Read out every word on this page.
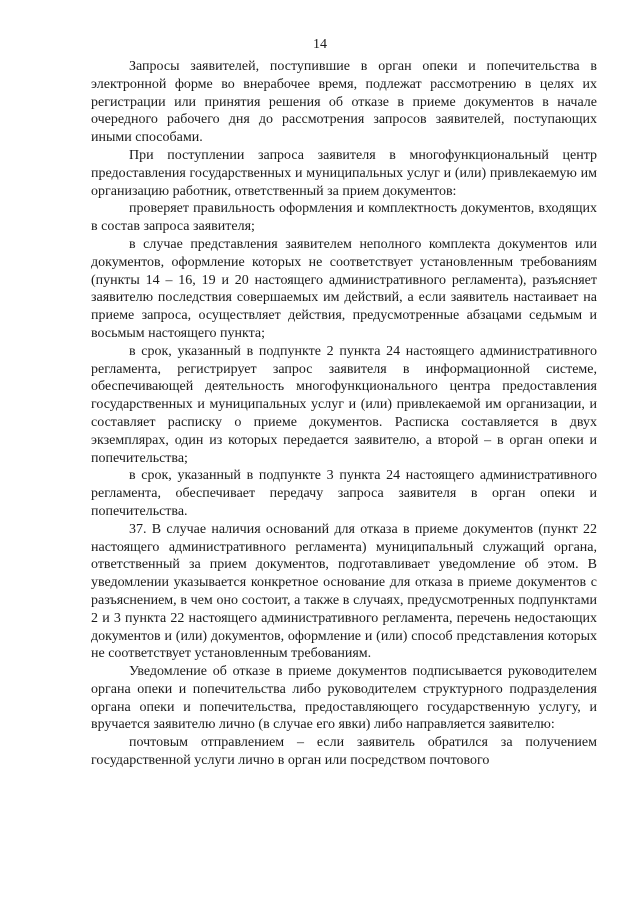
14

Запросы заявителей, поступившие в орган опеки и попечительства в электронной форме во внерабочее время, подлежат рассмотрению в целях их регистрации или принятия решения об отказе в приеме документов в начале очередного рабочего дня до рассмотрения запросов заявителей, поступающих иными способами.

При поступлении запроса заявителя в многофункциональный центр предоставления государственных и муниципальных услуг и (или) привлекаемую им организацию работник, ответственный за прием документов:

проверяет правильность оформления и комплектность документов, входящих в состав запроса заявителя;

в случае представления заявителем неполного комплекта документов или документов, оформление которых не соответствует установленным требованиям (пункты 14 – 16, 19 и 20 настоящего административного регламента), разъясняет заявителю последствия совершаемых им действий, а если заявитель настаивает на приеме запроса, осуществляет действия, предусмотренные абзацами седьмым и восьмым настоящего пункта;

в срок, указанный в подпункте 2 пункта 24 настоящего административного регламента, регистрирует запрос заявителя в информационной системе, обеспечивающей деятельность многофункционального центра предоставления государственных и муниципальных услуг и (или) привлекаемой им организации, и составляет расписку о приеме документов. Расписка составляется в двух экземплярах, один из которых передается заявителю, а второй – в орган опеки и попечительства;

в срок, указанный в подпункте 3 пункта 24 настоящего административного регламента, обеспечивает передачу запроса заявителя в орган опеки и попечительства.

37. В случае наличия оснований для отказа в приеме документов (пункт 22 настоящего административного регламента) муниципальный служащий органа, ответственный за прием документов, подготавливает уведомление об этом. В уведомлении указывается конкретное основание для отказа в приеме документов с разъяснением, в чем оно состоит, а также в случаях, предусмотренных подпунктами 2 и 3 пункта 22 настоящего административного регламента, перечень недостающих документов и (или) документов, оформление и (или) способ представления которых не соответствует установленным требованиям.

Уведомление об отказе в приеме документов подписывается руководителем органа опеки и попечительства либо руководителем структурного подразделения органа опеки и попечительства, предоставляющего государственную услугу, и вручается заявителю лично (в случае его явки) либо направляется заявителю:

почтовым отправлением – если заявитель обратился за получением государственной услуги лично в орган или посредством почтового
